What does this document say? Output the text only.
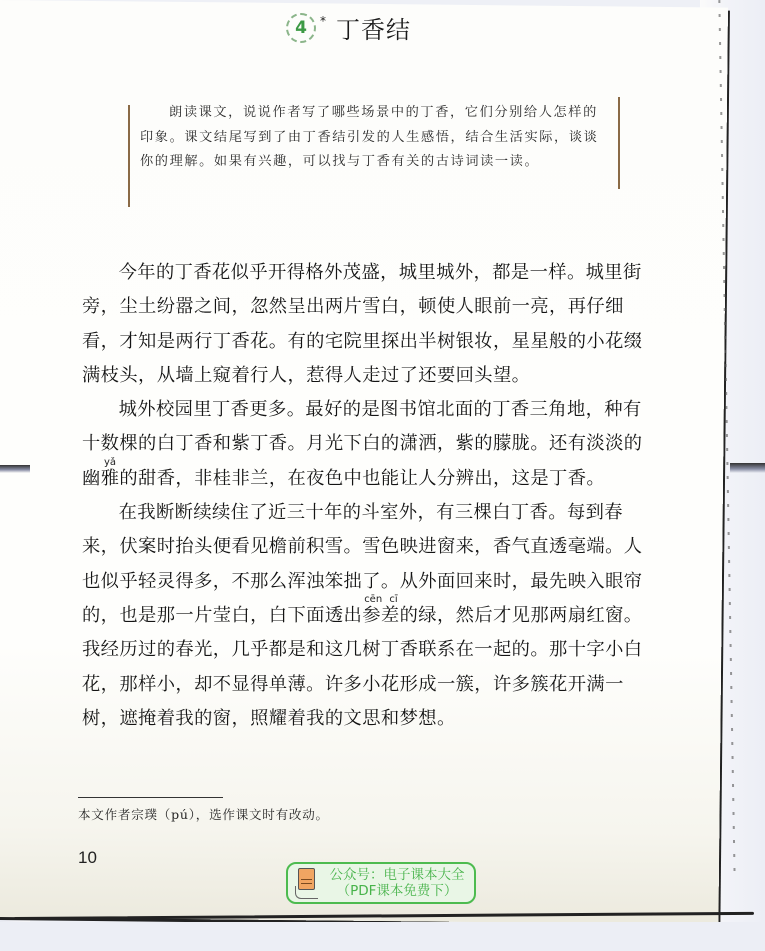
4	* 丁香结

朗读课文，说说作者写了哪些场景中的丁香，它们分别给人怎样的印象。课文结尾写到了由丁香结引发的人生感悟，结合生活实际，谈谈你的理解。如果有兴趣，可以找与丁香有关的古诗词读一读。

今年的丁香花似乎开得格外茂盛，城里城外，都是一样。城里街旁，尘土纷嚣之间，忽然呈出两片雪白，顿使人眼前一亮，再仔细看，才知是两行丁香花。有的宅院里探出半树银妆，星星般的小花缀满枝头，从墙上窥着行人，惹得人走过了还要回头望。

城外校园里丁香更多。最好的是图书馆北面的丁香三角地，种有十数棵的白丁香和紫丁香。月光下白的潇洒，紫的朦胧。还有淡淡的幽雅yǎ的甜香，非桂非兰，在夜色中也能让人分辨出，这是丁香。

在我断断续续住了近三十年的斗室外，有三棵白丁香。每到春来，伏案时抬头便看见檐前积雪。雪色映进窗来，香气直透毫端。人也似乎轻灵得多，不那么浑浊笨拙了。从外面回来时，最先映入眼帘的，也是那一片莹白，白下面透出参差cēn cī的绿，然后才见那两扇红窗。我经历过的春光，几乎都是和这几树丁香联系在一起的。那十字小白花，那样小，却不显得单薄。许多小花形成一簇，许多簇花开满一树，遮掩着我的窗，照耀着我的文思和梦想。

本文作者宗璞（pú），选作课文时有改动。
10
公众号：电子课本大全
（PDF课本免费下）
